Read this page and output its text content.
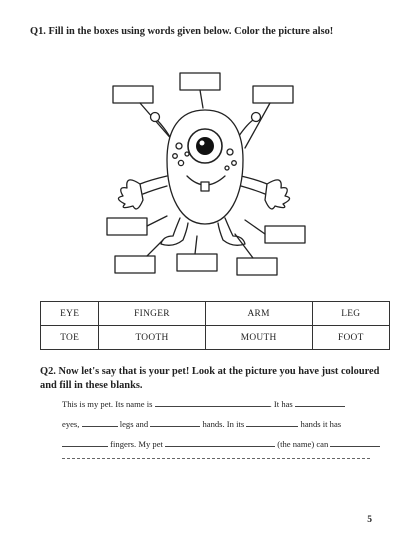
Q1. Fill in the boxes using words given below. Color the picture also!
EYE	FINGER	ARM	LEG
TOE	TOOTH	MOUTH	FOOT
Q2. Now let's say that is your pet! Look at the picture you have just coloured and fill in these blanks.
This is my pet. Its name is	. It has
eyes,	legs and	hands. In its	hands it has
fingers. My pet	(the name) can
5
